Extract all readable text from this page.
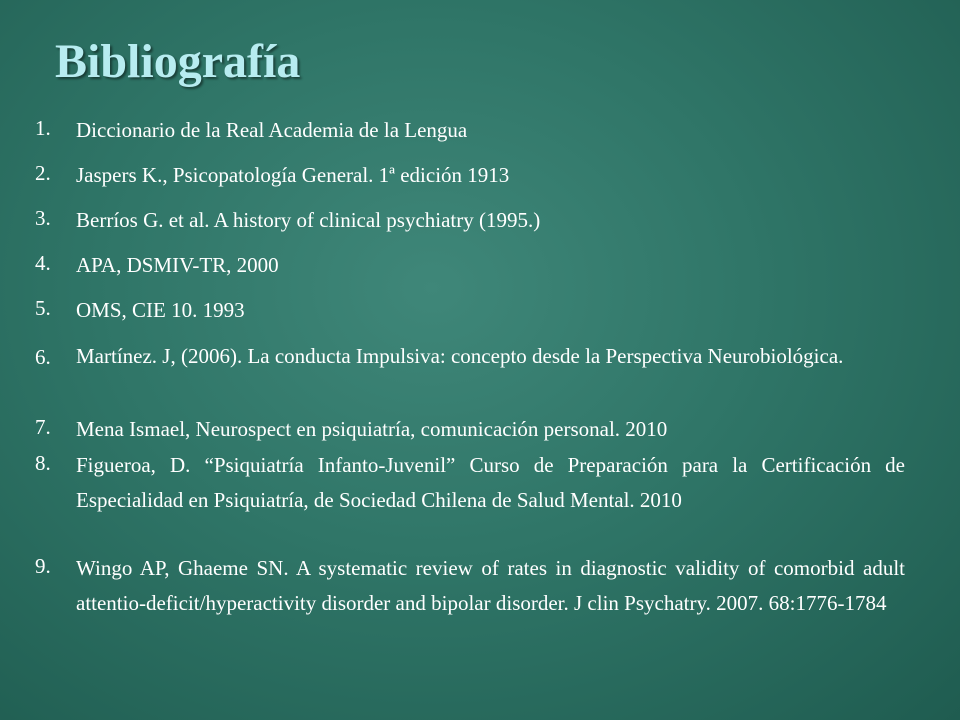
Bibliografía
1.	Diccionario de la Real Academia de la Lengua
2.	Jaspers K., Psicopatología General. 1ª edición 1913
3.	Berríos G. et al. A history of clinical psychiatry (1995.)
4.	APA, DSMIV-TR, 2000
5.	OMS, CIE 10. 1993
6.	Martínez. J, (2006). La conducta Impulsiva: concepto desde la Perspectiva Neurobiológica.
7.	Mena Ismael, Neurospect en psiquiatría, comunicación personal. 2010
8.	Figueroa, D. “Psiquiatría Infanto-Juvenil” Curso de Preparación para la Certificación de Especialidad en Psiquiatría, de Sociedad Chilena de Salud Mental. 2010
9.	Wingo AP, Ghaeme SN. A systematic review of rates in diagnostic validity of comorbid adult attentio-deficit/hyperactivity disorder and bipolar disorder. J clin Psychatry. 2007. 68:1776-1784
